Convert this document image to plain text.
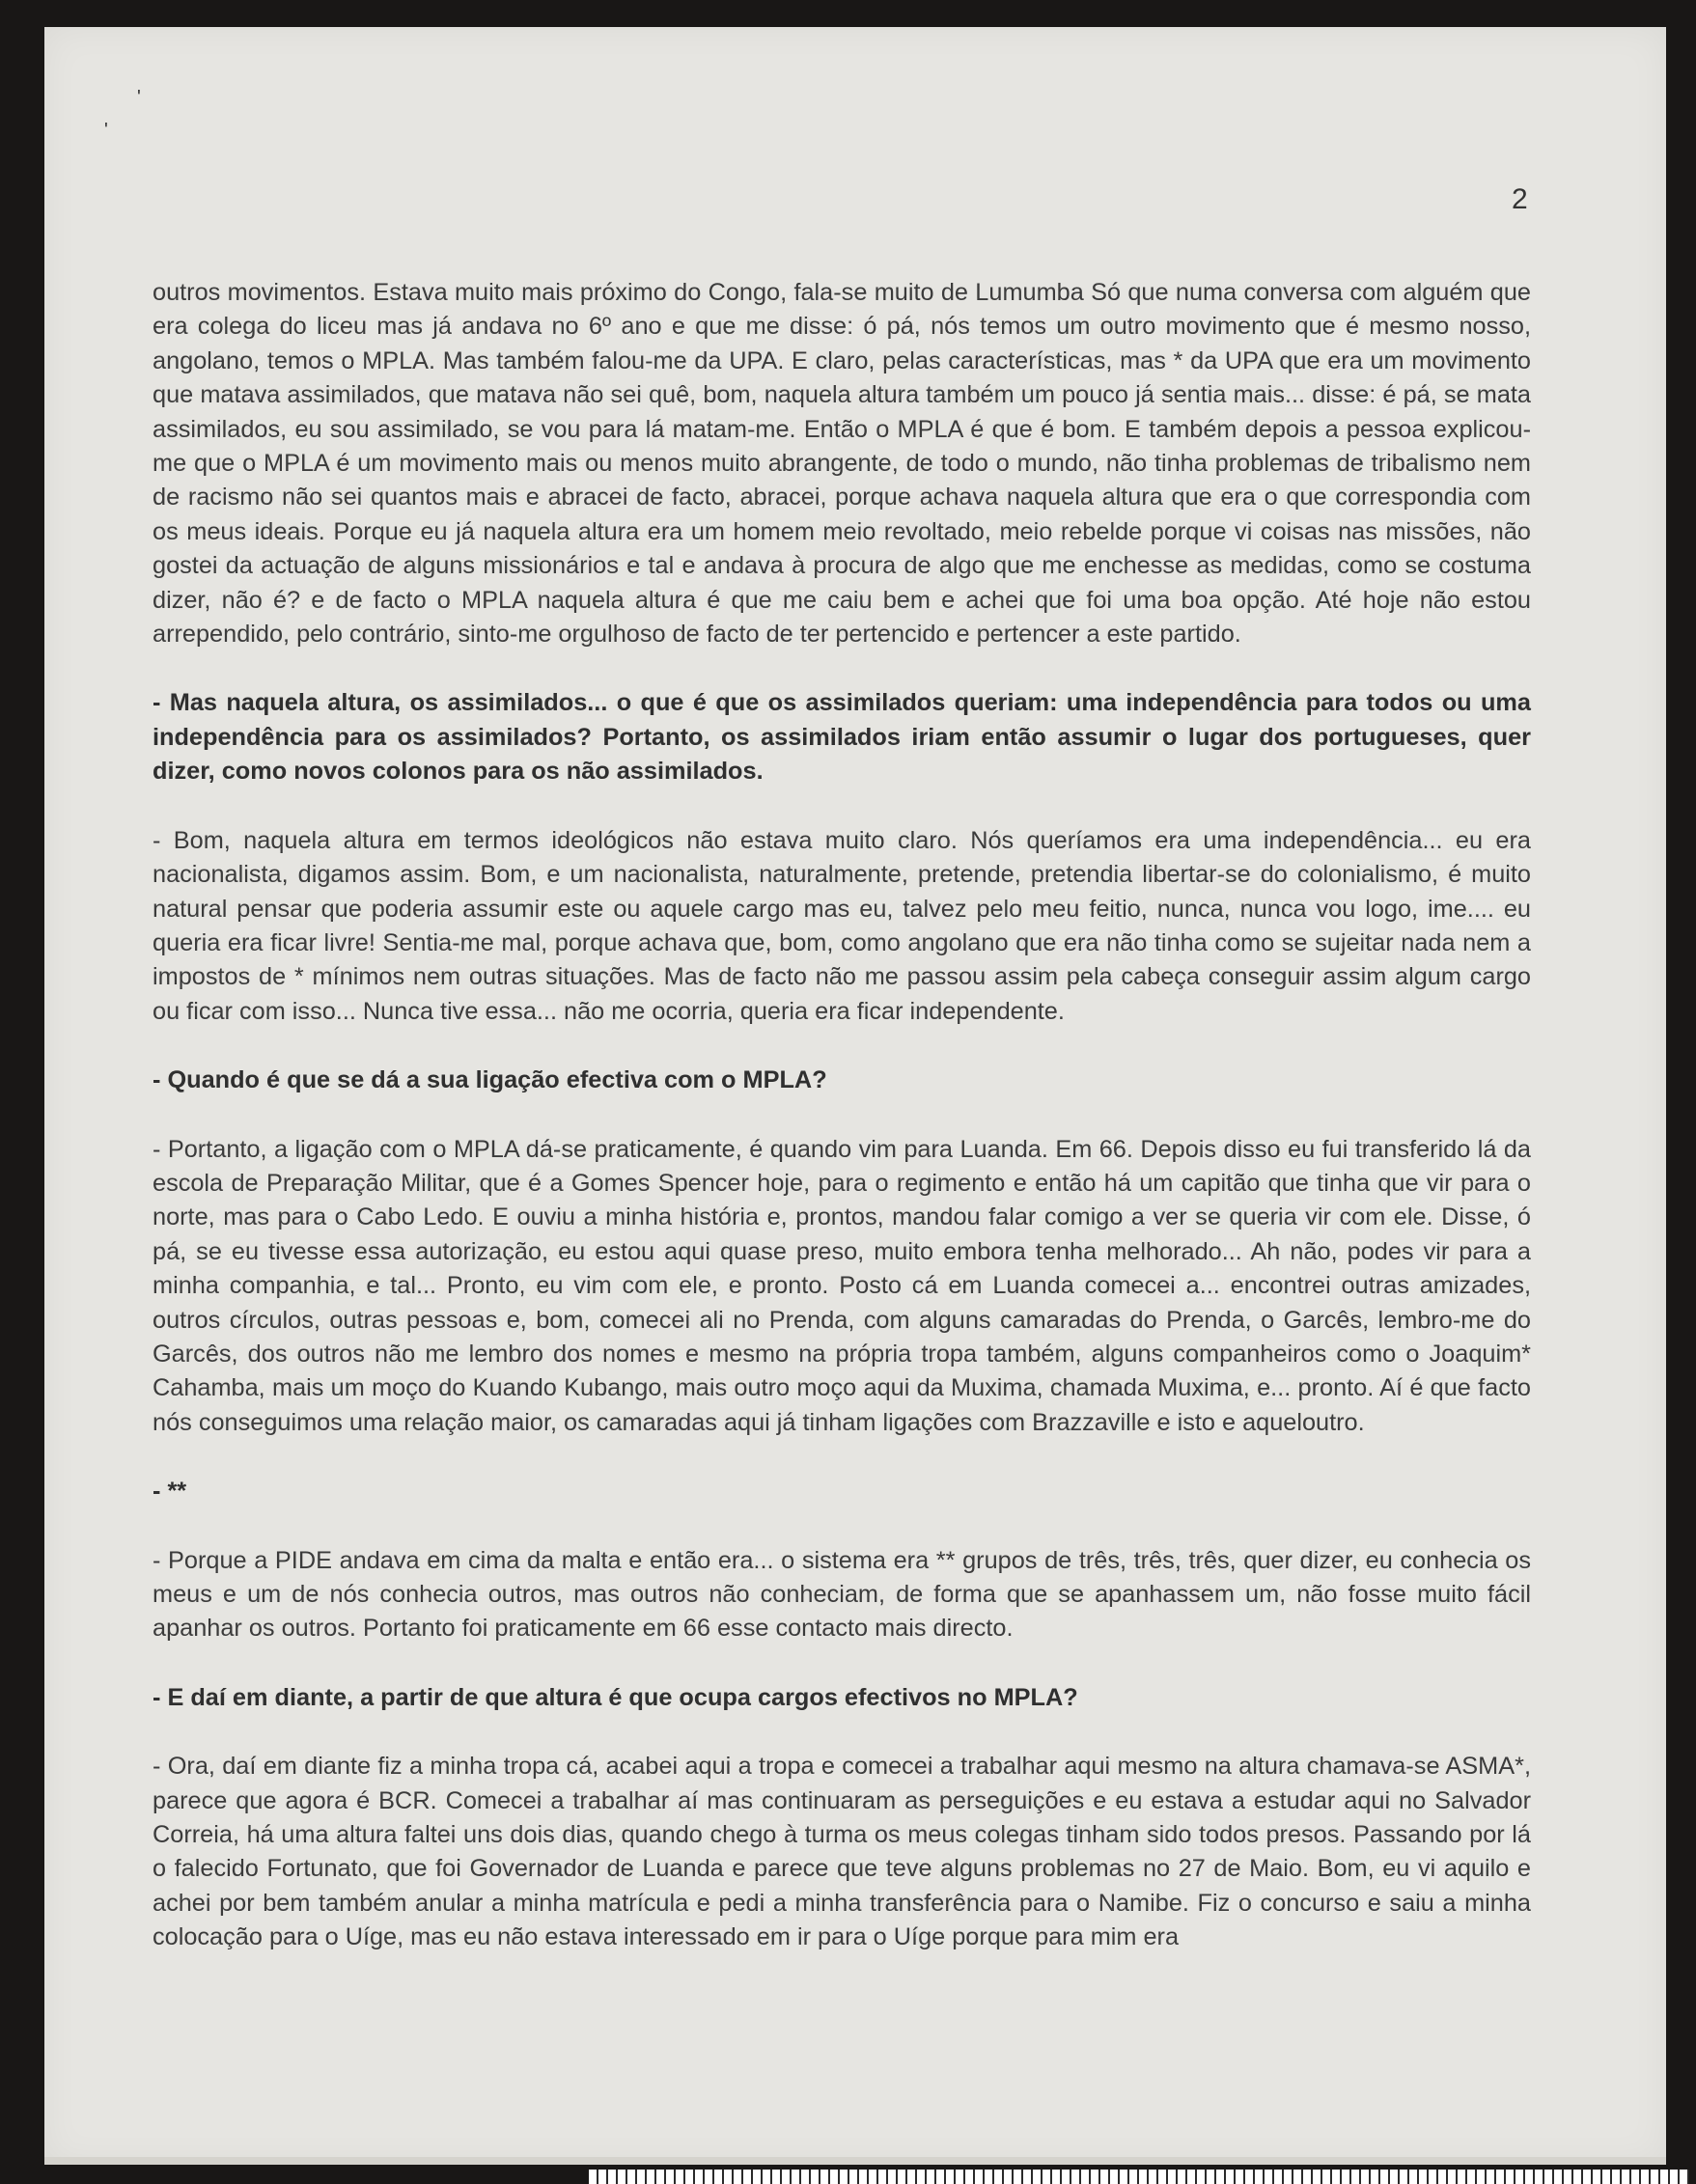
'
'
2

outros movimentos. Estava muito mais próximo do Congo, fala-se muito de Lumumba Só que numa conversa com alguém que era colega do liceu mas já andava no 6º ano e que me disse: ó pá, nós temos um outro movimento que é mesmo nosso, angolano, temos o MPLA. Mas também falou-me da UPA. E claro, pelas características, mas * da UPA que era um movimento que matava assimilados, que matava não sei quê, bom, naquela altura também um pouco já sentia mais... disse: é pá, se mata assimilados, eu sou assimilado, se vou para lá matam-me. Então o MPLA é que é bom. E também depois a pessoa explicou-me que o MPLA é um movimento mais ou menos muito abrangente, de todo o mundo, não tinha problemas de tribalismo nem de racismo não sei quantos mais e abracei de facto, abracei, porque achava naquela altura que era o que correspondia com os meus ideais. Porque eu já naquela altura era um homem meio revoltado, meio rebelde porque vi coisas nas missões, não gostei da actuação de alguns missionários e tal e andava à procura de algo que me enchesse as medidas, como se costuma dizer, não é? e de facto o MPLA naquela altura é que me caiu bem e achei que foi uma boa opção. Até hoje não estou arrependido, pelo contrário, sinto-me orgulhoso de facto de ter pertencido e pertencer a este partido.

- Mas naquela altura, os assimilados... o que é que os assimilados queriam: uma independência para todos ou uma independência para os assimilados? Portanto, os assimilados iriam então assumir o lugar dos portugueses, quer dizer, como novos colonos para os não assimilados.

- Bom, naquela altura em termos ideológicos não estava muito claro. Nós queríamos era uma independência... eu era nacionalista, digamos assim. Bom, e um nacionalista, naturalmente, pretende, pretendia libertar-se do colonialismo, é muito natural pensar que poderia assumir este ou aquele cargo mas eu, talvez pelo meu feitio, nunca, nunca vou logo, ime.... eu queria era ficar livre! Sentia-me mal, porque achava que, bom, como angolano que era não tinha como se sujeitar nada nem a impostos de * mínimos nem outras situações. Mas de facto não me passou assim pela cabeça conseguir assim algum cargo ou ficar com isso... Nunca tive essa... não me ocorria, queria era ficar independente.

- Quando é que se dá a sua ligação efectiva com o MPLA?

- Portanto, a ligação com o MPLA dá-se praticamente, é quando vim para Luanda. Em 66. Depois disso eu fui transferido lá da escola de Preparação Militar, que é a Gomes Spencer hoje, para o regimento e então há um capitão que tinha que vir para o norte, mas para o Cabo Ledo. E ouviu a minha história e, prontos, mandou falar comigo a ver se queria vir com ele. Disse, ó pá, se eu tivesse essa autorização, eu estou aqui quase preso, muito embora tenha melhorado... Ah não, podes vir para a minha companhia, e tal... Pronto, eu vim com ele, e pronto. Posto cá em Luanda comecei a... encontrei outras amizades, outros círculos, outras pessoas e, bom, comecei ali no Prenda, com alguns camaradas do Prenda, o Garcês, lembro-me do Garcês, dos outros não me lembro dos nomes e mesmo na própria tropa também, alguns companheiros como o Joaquim* Cahamba, mais um moço do Kuando Kubango, mais outro moço aqui da Muxima, chamada Muxima, e... pronto. Aí é que facto nós conseguimos uma relação maior, os camaradas aqui já tinham ligações com Brazzaville e isto e aqueloutro.

- **

- Porque a PIDE andava em cima da malta e então era... o sistema era ** grupos de três, três, três, quer dizer, eu conhecia os meus e um de nós conhecia outros, mas outros não conheciam, de forma que se apanhassem um, não fosse muito fácil apanhar os outros. Portanto foi praticamente em 66 esse contacto mais directo.

- E daí em diante, a partir de que altura é que ocupa cargos efectivos no MPLA?

- Ora, daí em diante fiz a minha tropa cá, acabei aqui a tropa e comecei a trabalhar aqui mesmo na altura chamava-se ASMA*, parece que agora é BCR. Comecei a trabalhar aí mas continuaram as perseguições e eu estava a estudar aqui no Salvador Correia, há uma altura faltei uns dois dias, quando chego à turma os meus colegas tinham sido todos presos. Passando por lá o falecido Fortunato, que foi Governador de Luanda e parece que teve alguns problemas no 27 de Maio. Bom, eu vi aquilo e achei por bem também anular a minha matrícula e pedi a minha transferência para o Namibe. Fiz o concurso e saiu a minha colocação para o Uíge, mas eu não estava interessado em ir para o Uíge porque para mim era
